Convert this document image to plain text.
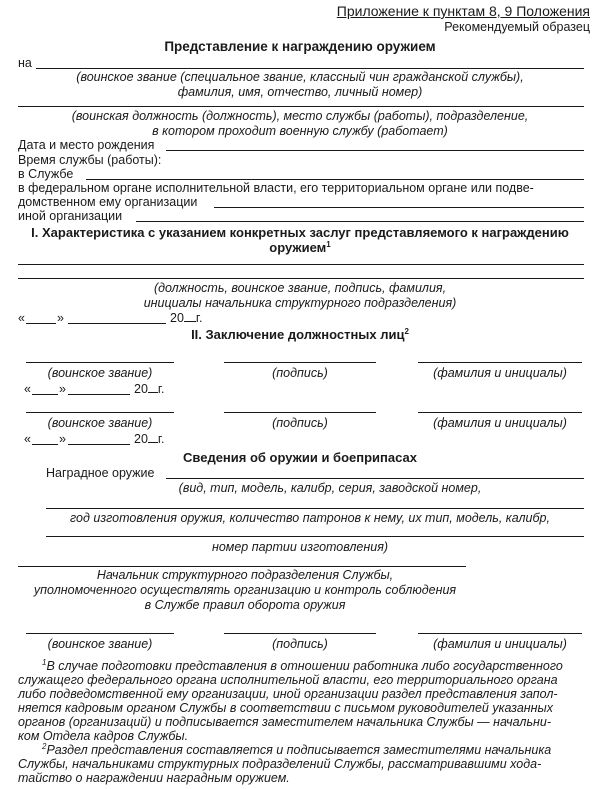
Приложение к пунктам 8, 9 Положения
Рекомендуемый образец
Представление к награждению оружием
на
(воинское звание (специальное звание, классный чин гражданской службы),
фамилия, имя, отчество, личный номер)
(воинская должность (должность), место службы (работы), подразделение,
в котором проходит военную службу (работает)
Дата и место рождения
Время службы (работы):
в Службе
в федеральном органе исполнительной власти, его территориальном органе или подве-
домственном ему организации
иной организации
I. Характеристика с указанием конкретных заслуг представляемого к награждению
оружием$^1$
(должность, воинское звание, подпись, фамилия,
инициалы начальника структурного подразделения)
«	»	20 г.
II. Заключение должностных лиц$^2$
(воинское звание)	(подпись)	(фамилия и инициалы)
« »	20 г.
(воинское звание)	(подпись)	(фамилия и инициалы)
« »	20 г.
Сведения об оружии и боеприпасах
Наградное оружие
(вид, тип, модель, калибр, серия, заводской номер,
год изготовления оружия, количество патронов к нему, их тип, модель, калибр,
номер партии изготовления)
Начальник структурного подразделения Службы,
уполномоченного осуществлять организацию и контроль соблюдения
в Службе правил оборота оружия
(воинское звание)	(подпись)	(фамилия и инициалы)
$^1$В случае подготовки представления в отношении работника либо государственного
служащего федерального органа исполнительной власти, его территориального органа
либо подведомственной ему организации, иной организации раздел представления запол-
няется кадровым органом Службы в соответствии с письмом руководителей указанных
органов (организаций) и подписывается заместителем начальника Службы — начальни-
ком Отдела кадров Службы.
$^2$Раздел представления составляется и подписывается заместителями начальника
Службы, начальниками структурных подразделений Службы, рассматривавшими хода-
тайство о награждении наградным оружием.
